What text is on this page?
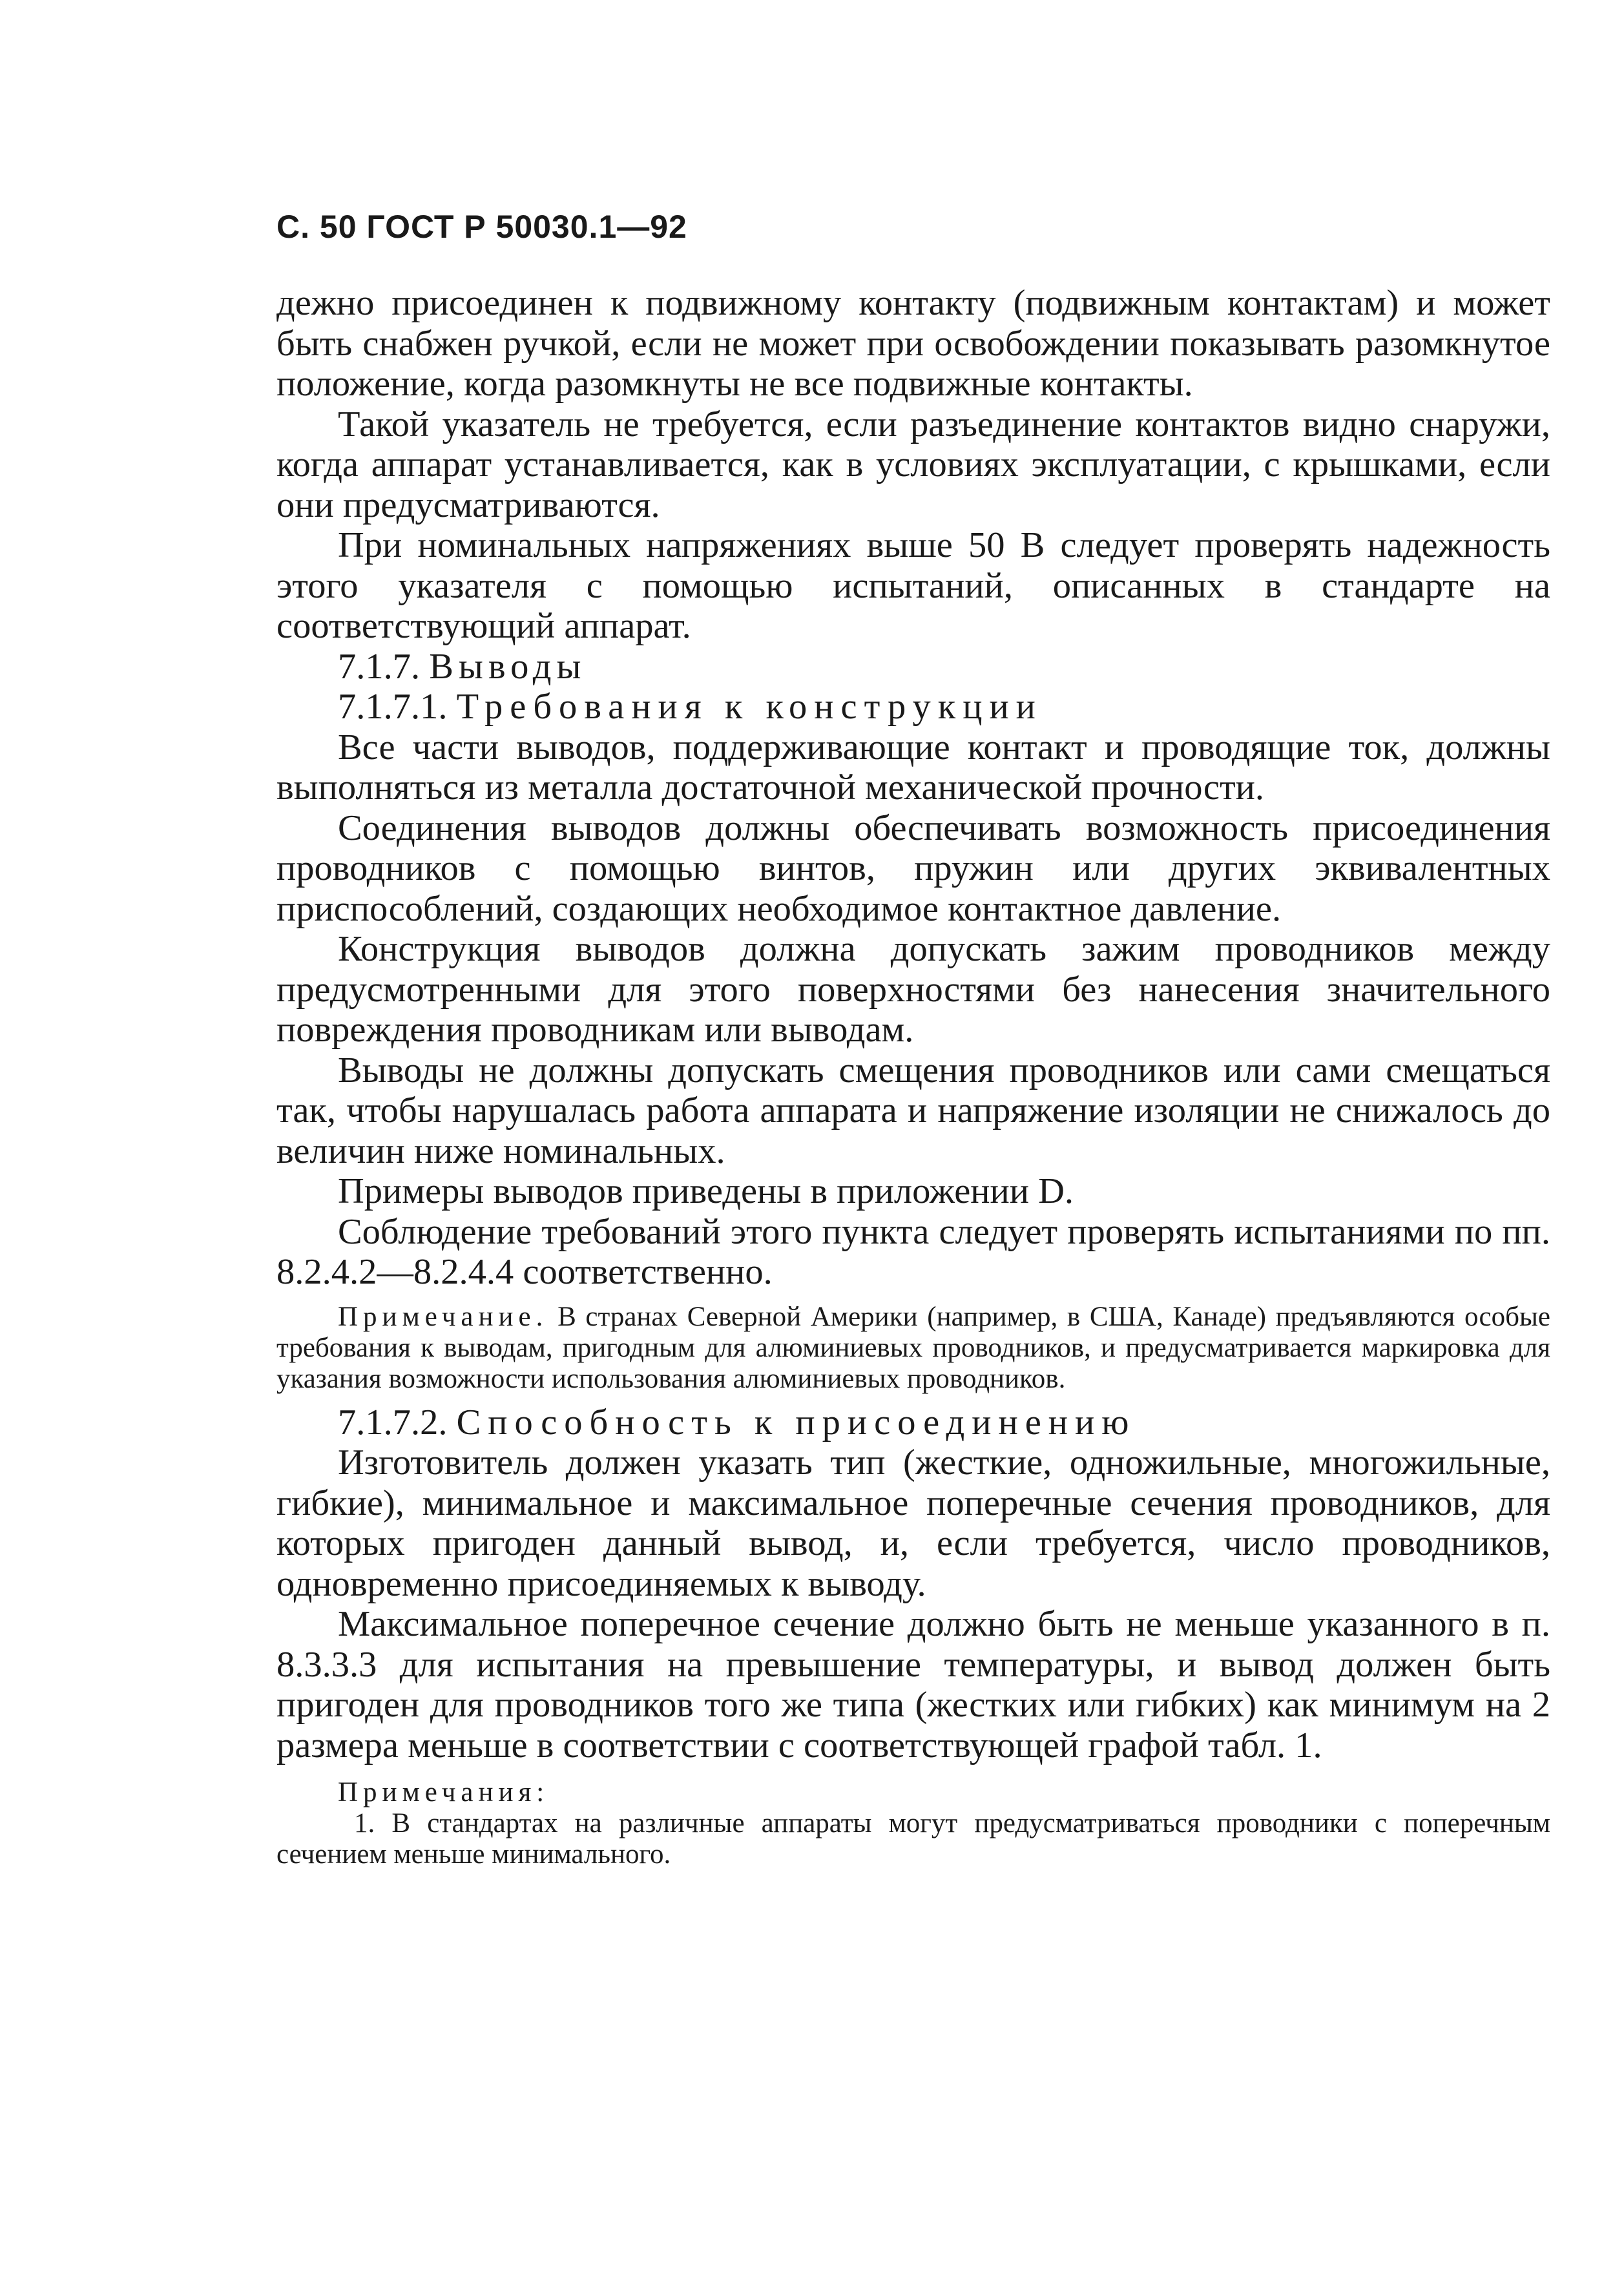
С. 50 ГОСТ Р 50030.1—92

дежно присоединен к подвижному контакту (подвижным контактам) и может быть снабжен ручкой, если не может при освобождении показывать разомкнутое положение, когда разомкнуты не все подвижные контакты.

Такой указатель не требуется, если разъединение контактов видно снаружи, когда аппарат устанавливается, как в условиях эксплуатации, с крышками, если они предусматриваются.

При номинальных напряжениях выше 50 В следует проверять надежность этого указателя с помощью испытаний, описанных в стандарте на соответствующий аппарат.

7.1.7. Выводы

7.1.7.1. Требования к конструкции

Все части выводов, поддерживающие контакт и проводящие ток, должны выполняться из металла достаточной механической прочности.

Соединения выводов должны обеспечивать возможность присоединения проводников с помощью винтов, пружин или других эквивалентных приспособлений, создающих необходимое контактное давление.

Конструкция выводов должна допускать зажим проводников между предусмотренными для этого поверхностями без нанесения значительного повреждения проводникам или выводам.

Выводы не должны допускать смещения проводников или сами смещаться так, чтобы нарушалась работа аппарата и напряжение изоляции не снижалось до величин ниже номинальных.

Примеры выводов приведены в приложении D.

Соблюдение требований этого пункта следует проверять испытаниями по пп. 8.2.4.2—8.2.4.4 соответственно.

Примечание. В странах Северной Америки (например, в США, Канаде) предъявляются особые требования к выводам, пригодным для алюминиевых проводников, и предусматривается маркировка для указания возможности использования алюминиевых проводников.

7.1.7.2. Способность к присоединению

Изготовитель должен указать тип (жесткие, одножильные, многожильные, гибкие), минимальное и максимальное поперечные сечения проводников, для которых пригоден данный вывод, и, если требуется, число проводников, одновременно присоединяемых к выводу.

Максимальное поперечное сечение должно быть не меньше указанного в п. 8.3.3.3 для испытания на превышение температуры, и вывод должен быть пригоден для проводников того же типа (жестких или гибких) как минимум на 2 размера меньше в соответствии с соответствующей графой табл. 1.

Примечания:

1. В стандартах на различные аппараты могут предусматриваться проводники с поперечным сечением меньше минимального.
